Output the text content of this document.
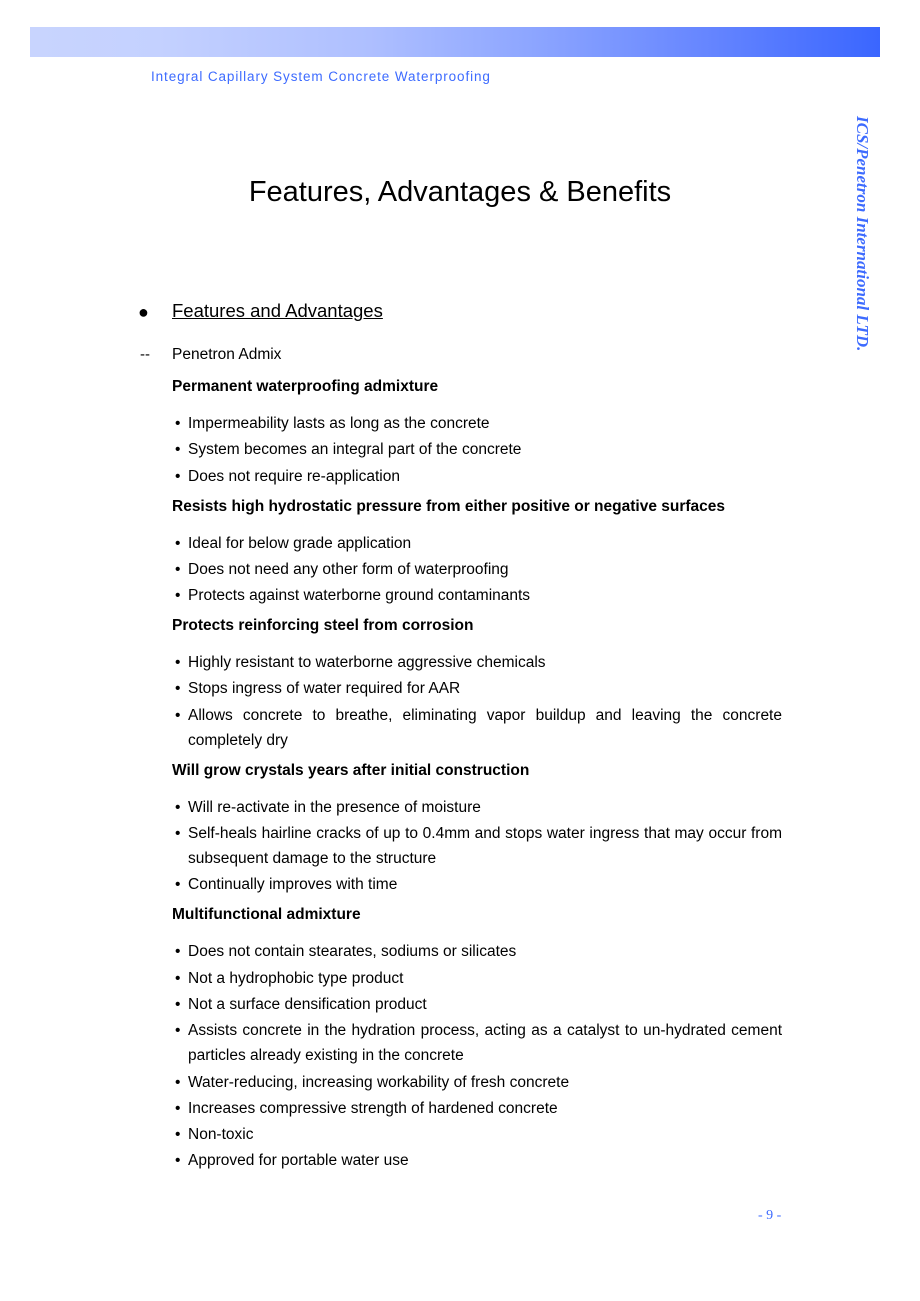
Integral Capillary System Concrete Waterproofing
ICS/Penetron International LTD.
Features, Advantages & Benefits
● Features and Advantages
-- Penetron Admix
Permanent waterproofing admixture
• Impermeability lasts as long as the concrete
• System becomes an integral part of the concrete
• Does not require re-application
Resists high hydrostatic pressure from either positive or negative surfaces
• Ideal for below grade application
• Does not need any other form of waterproofing
• Protects against waterborne ground contaminants
Protects reinforcing steel from corrosion
• Highly resistant to waterborne aggressive chemicals
• Stops ingress of water required for AAR
• Allows concrete to breathe, eliminating vapor buildup and leaving the concrete completely dry
Will grow crystals years after initial construction
• Will re-activate in the presence of moisture
• Self-heals hairline cracks of up to 0.4mm and stops water ingress that may occur from subsequent damage to the structure
• Continually improves with time
Multifunctional admixture
• Does not contain stearates, sodiums or silicates
• Not a hydrophobic type product
• Not a surface densification product
• Assists concrete in the hydration process, acting as a catalyst to un-hydrated cement particles already existing in the concrete
• Water-reducing, increasing workability of fresh concrete
• Increases compressive strength of hardened concrete
• Non-toxic
• Approved for portable water use
- 9 -
